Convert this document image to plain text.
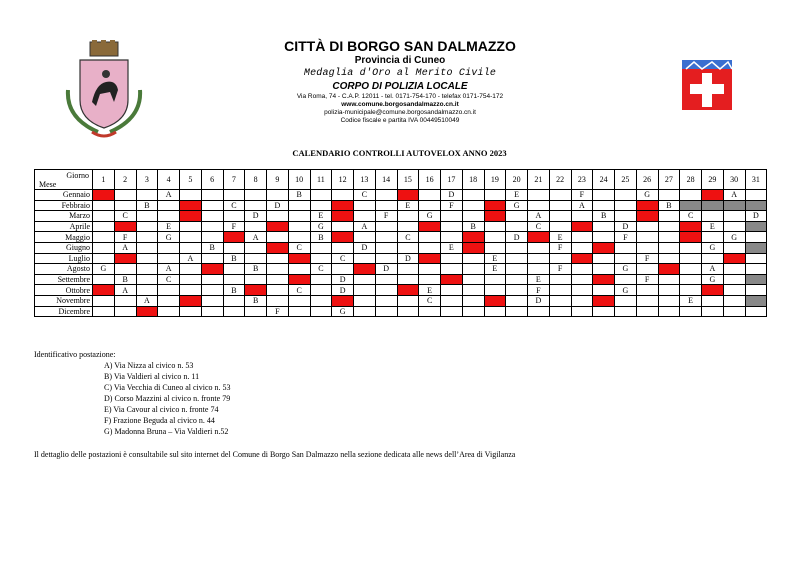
CITTÀ DI BORGO SAN DALMAZZO
Provincia di Cuneo
Medaglia d'Oro al Merito Civile
CORPO DI POLIZIA LOCALE
Via Roma, 74 - C.A.P. 12011 - tel. 0171-754-170 - telefax 0171-754-172
www.comune.borgosandalmazzo.cn.it
polizia-municipale@comune.borgosandalmazzo.cn.it
Codice fiscale e partita IVA 00449510049
CALENDARIO CONTROLLI AUTOVELOX ANNO 2023
Giorno
Mese	1	2	3	4	5	6	7	8	9	10	11	12	13	14	15	16	17	18	19	20	21	22	23	24	25	26	27	28	29	30	31
Gennaio				A						B			C				D			E			F			G				A	
Febbraio			B				C		D						E		F			G			A				B				
Marzo		C						D			E			F		G					A			B				C			D
Aprile				E			F				G		A					B			C				D				E		
Maggio		F		G				A			B				C					D		E			F					G	
Giugno		A				B				C			D				E					F							G		
Luglio					A		B					C			D				E							F					
Agosto	G			A				B			C			D					E			F			G				A		
Settembre		B		C								D									E					F			G		
Ottobre		A					B			C		D				E					F				G						
Novembre			A					B								C					D							E			
Dicembre									F			G																			
Identificativo postazione:
A) Via Nizza al civico n. 53
B) Via Valdieri al civico n. 11
C) Via Vecchia di Cuneo al civico n. 53
D) Corso Mazzini al civico n. fronte 79
E) Via Cavour al civico n. fronte 74
F) Frazione Beguda al civico n. 44
G) Madonna Bruna – Via Valdieri n.52
Il dettaglio delle postazioni è consultabile sul sito internet del Comune di Borgo San Dalmazzo nella sezione dedicata alle news dell’Area di Vigilanza
